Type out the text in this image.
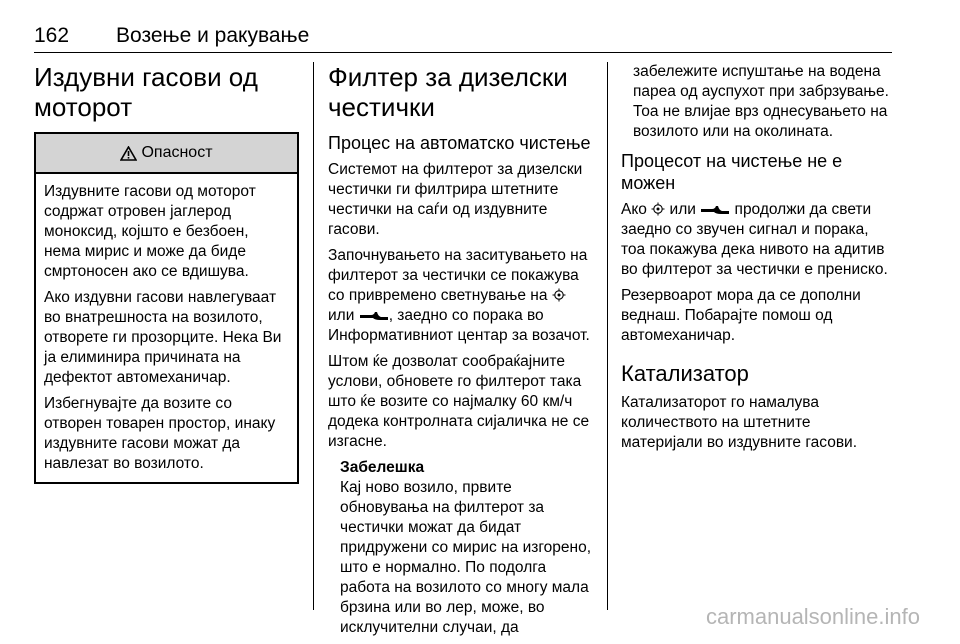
162 Возење и ракување
Издувни гасови од моторот
Опасност

Издувните гасови од моторот содржат отровен јаглерод моноксид, којшто е безбоен, нема мирис и може да биде смртоносен ако се вдишува.

Ако издувни гасови навлегуваат во внатрешноста на возилото, отворете ги прозорците. Нека Ви ја елиминира причината на дефектот автомеханичар.

Избегнувајте да возите со отворен товарен простор, инаку издувните гасови можат да навлезат во возилото.

Филтер за дизелски честички
Процес на автоматско чистење

Системот на филтерот за дизелски честички ги филтрира штетните честички на саѓи од издувните гасови.

Започнувањето на заситувањето на филтерот за честички се покажува со привремено светнување на  или , заедно со порака во Информативниот центар за возачот.

Штом ќе дозволат сообраќајните услови, обновете го филтерот така што ќе возите со најмалку 60 км/ч додека контролната сијаличка не се изгасне.

Забелешка

Кај ново возило, првите обновувања на филтерот за честички можат да бидат придружени со мирис на изгорено, што е нормално. По подолга работа на возилото со многу мала брзина или во лер, може, во исклучителни случаи, да

забележите испуштање на водена пареа од ауспухот при забрзување. Тоа не влијае врз однесувањето на возилото или на околината.

Процесот на чистење не е можен

Ако или продолжи да свети заедно со звучен сигнал и порака, тоа покажува дека нивото на адитив во филтерот за честички е прениско.

Резервоарот мора да се дополни веднаш. Побарајте помош од автомеханичар.

Катализатор

Катализаторот го намалува количеството на штетните материјали во издувните гасови.

carmanualsonline.info
